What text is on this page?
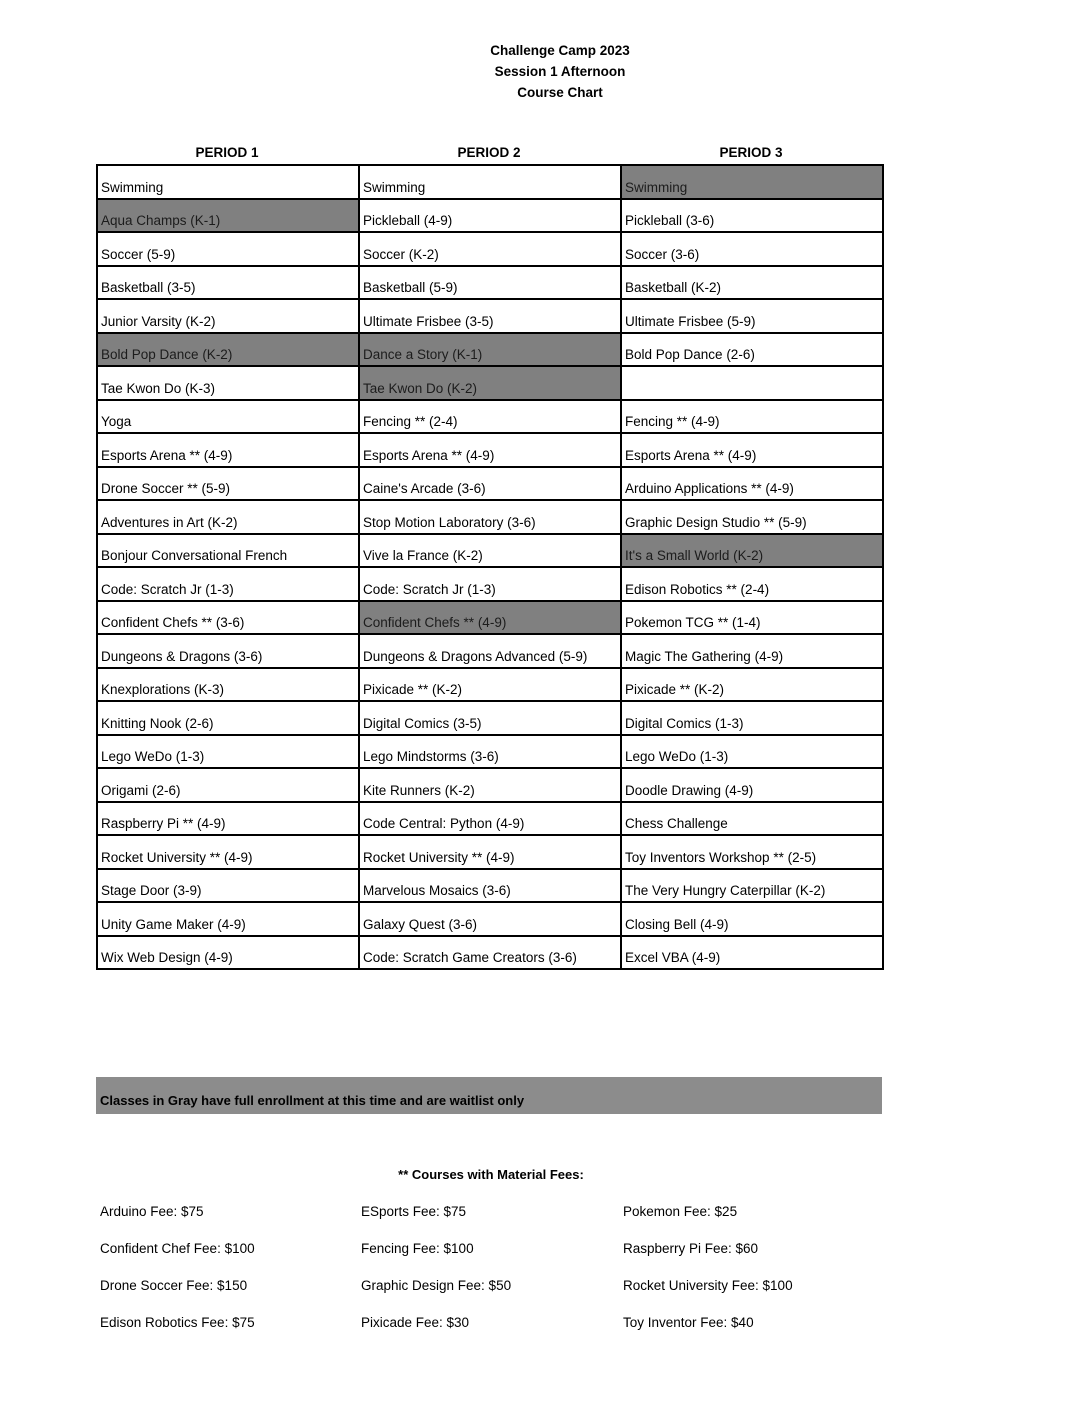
Challenge Camp 2023
Session 1 Afternoon
Course Chart
PERIOD 1	PERIOD 2	PERIOD 3
Swimming	Swimming	Swimming
Aqua Champs (K-1)	Pickleball (4-9)	Pickleball (3-6)
Soccer (5-9)	Soccer (K-2)	Soccer (3-6)
Basketball (3-5)	Basketball (5-9)	Basketball (K-2)
Junior Varsity (K-2)	Ultimate Frisbee (3-5)	Ultimate Frisbee (5-9)
Bold Pop Dance (K-2)	Dance a Story (K-1)	Bold Pop Dance (2-6)
Tae Kwon Do (K-3)	Tae Kwon Do (K-2)	
Yoga	Fencing ** (2-4)	Fencing ** (4-9)
Esports Arena ** (4-9)	Esports Arena ** (4-9)	Esports Arena ** (4-9)
Drone Soccer ** (5-9)	Caine's Arcade (3-6)	Arduino Applications ** (4-9)
Adventures in Art (K-2)	Stop Motion Laboratory (3-6)	Graphic Design Studio ** (5-9)
Bonjour Conversational French	Vive la France (K-2)	It's a Small World (K-2)
Code: Scratch Jr (1-3)	Code: Scratch Jr (1-3)	Edison Robotics ** (2-4)
Confident Chefs ** (3-6)	Confident Chefs ** (4-9)	Pokemon TCG ** (1-4)
Dungeons & Dragons (3-6)	Dungeons & Dragons Advanced (5-9)	Magic The Gathering (4-9)
Knexplorations (K-3)	Pixicade ** (K-2)	Pixicade ** (K-2)
Knitting Nook (2-6)	Digital Comics (3-5)	Digital Comics (1-3)
Lego WeDo (1-3)	Lego Mindstorms (3-6)	Lego WeDo (1-3)
Origami (2-6)	Kite Runners (K-2)	Doodle Drawing (4-9)
Raspberry Pi ** (4-9)	Code Central: Python (4-9)	Chess Challenge
Rocket University ** (4-9)	Rocket University ** (4-9)	Toy Inventors Workshop ** (2-5)
Stage Door (3-9)	Marvelous Mosaics (3-6)	The Very Hungry Caterpillar (K-2)
Unity Game Maker (4-9)	Galaxy Quest (3-6)	Closing Bell (4-9)
Wix Web Design (4-9)	Code: Scratch Game Creators (3-6)	Excel VBA (4-9)
Classes in Gray have full enrollment at this time and are waitlist only
** Courses with Material Fees:
Arduino Fee: $75	ESports Fee: $75	Pokemon Fee: $25
Confident Chef Fee: $100	Fencing Fee: $100	Raspberry Pi Fee: $60
Drone Soccer Fee: $150	Graphic Design Fee: $50	Rocket University Fee: $100
Edison Robotics Fee: $75	Pixicade Fee: $30	Toy Inventor Fee: $40
